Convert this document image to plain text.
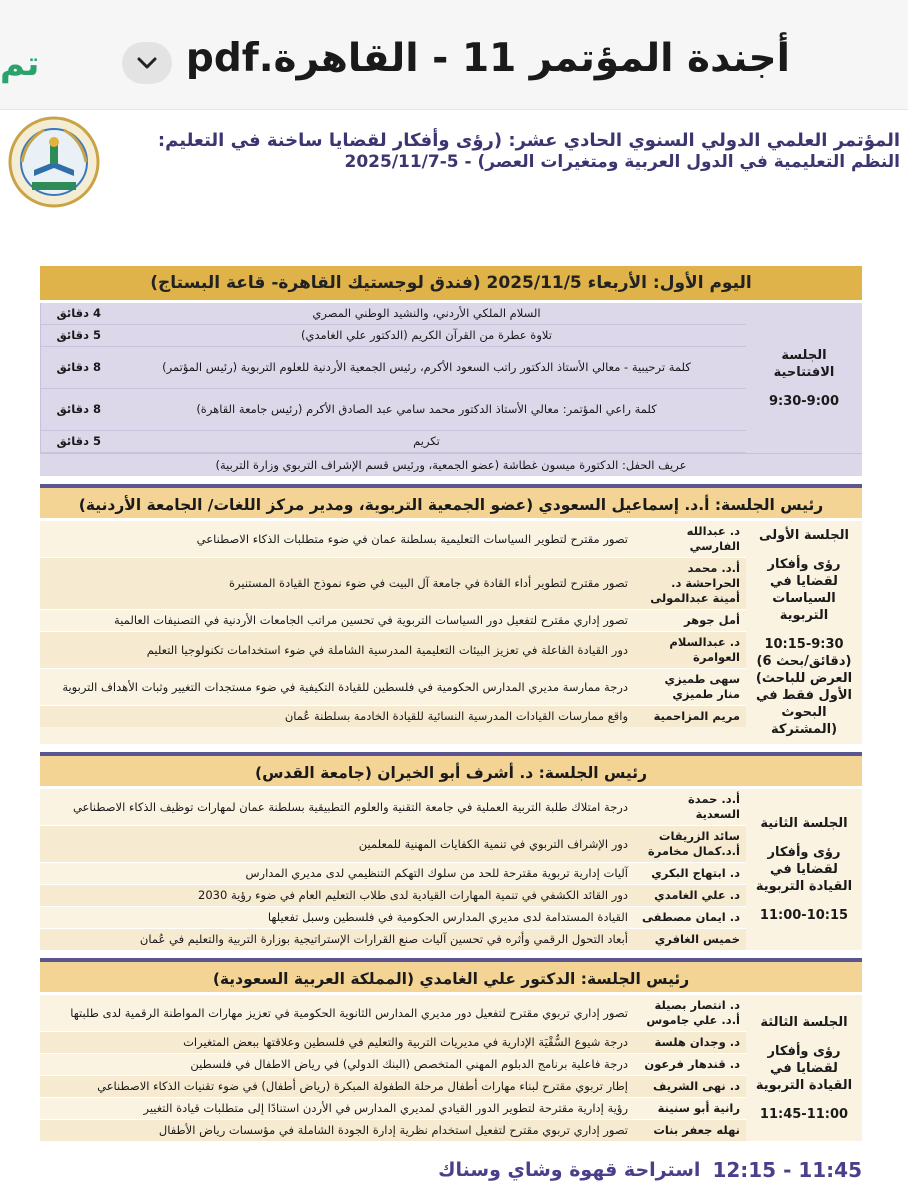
تم	أجندة المؤتمر 11 - القاهرة.pdf
المؤتمر العلمي الدولي السنوي الحادي عشر: (رؤى وأفكار لقضايا ساخنة في التعليم:
النظم التعليمية في الدول العربية ومتغيرات العصر) - 5-2025/11/7
اليوم الأول: الأربعاء 2025/11/5 (فندق لوجستيك القاهرة- قاعة البستاج)
الجلسة الافتتاحية
9:30-9:00
السلام الملكي الأردني، والنشيد الوطني المصري
4 دقائق
تلاوة عطرة من القرآن الكريم (الدكتور علي الغامدي)
5 دقائق
كلمة ترحيبية - معالي الأستاذ الدكتور راتب السعود الأكرم، رئيس الجمعية الأردنية للعلوم التربوية (رئيس المؤتمر)
8 دقائق
كلمة راعي المؤتمر: معالي الأستاذ الدكتور محمد سامي عبد الصادق الأكرم (رئيس جامعة القاهرة)
8 دقائق
تكريم
5 دقائق
عريف الحفل: الدكتورة ميسون غطاشة (عضو الجمعية، ورئيس قسم الإشراف التربوي وزارة التربية)
رئيس الجلسة: أ.د. إسماعيل السعودي (عضو الجمعية التربوية، ومدير مركز اللغات/ الجامعة الأردنية)
الجلسة الأولى
رؤى وأفكار لقضايا في السياسات التربوية
10:15-9:30
(6 دقائق/بحث) (العرض للباحث الأول فقط في البحوث المشتركة)
د. عبدالله الفارسي
تصور مقترح لتطوير السياسات التعليمية بسلطنة عمان في ضوء متطلبات الذكاء الاصطناعي
أ.د. محمد الحراحشة د. أمينة عبدالمولى
تصور مقترح لتطوير أداء القادة في جامعة آل البيت في ضوء نموذج القيادة المستنيرة
أمل جوهر
تصور إداري مقترح لتفعيل دور السياسات التربوية في تحسين مراتب الجامعات الأردنية في التصنيفات العالمية
د. عبدالسلام العوامرة
دور القيادة الفاعلة في تعزيز البيئات التعليمية المدرسية الشاملة في ضوء استخدامات تكنولوجيا التعليم
سهى طميزي منار طميزي
درجة ممارسة مديري المدارس الحكومية في فلسطين للقيادة التكيفية في ضوء مستجدات التغيير وثبات الأهداف التربوية
مريم المزاحمية
واقع ممارسات القيادات المدرسية النسائية للقيادة الخادمة بسلطنة عُمان
رئيس الجلسة: د. أشرف أبو الخيران (جامعة القدس)
الجلسة الثانية
رؤى وأفكار لقضايا في القيادة التربوية
11:00-10:15
أ.د. حمدة السعدية
درجة امتلاك طلبة التربية العملية في جامعة التقنية والعلوم التطبيقية بسلطنة عمان لمهارات توظيف الذكاء الاصطناعي
سائد الزريقات أ.د.كمال مخامرة
دور الإشراف التربوي في تنمية الكفايات المهنية للمعلمين
د. ابتهاج البكري
آليات إدارية تربوية مقترحة للحد من سلوك التهكم التنظيمي لدى مديري المدارس
د. علي الغامدي
دور القائد الكشفي في تنمية المهارات القيادية لدى طلاب التعليم العام في ضوء رؤية 2030
د. ايمان مصطفى
القيادة المستدامة لدى مديري المدارس الحكومية في فلسطين وسبل تفعيلها
خميس الغافري
أبعاد التحول الرقمي وأثره في تحسين آليات صنع القرارات الإستراتيجية بوزارة التربية والتعليم في عُمان
رئيس الجلسة: الدكتور علي الغامدي (المملكة العربية السعودية)
الجلسة الثالثة
رؤى وأفكار لقضايا في القيادة التربوية
11:45-11:00
د. انتصار بصيلة أ.د. علي جاموس
تصور إداري تربوي مقترح لتفعيل دور مديري المدارس الثانوية الحكومية في تعزيز مهارات المواطنة الرقمية لدى طلبتها
د. وجدان هلسة
درجة شيوع السُّقْيَة الإدارية في مديريات التربية والتعليم في فلسطين وعلاقتها ببعض المتغيرات
د. قندهار فرعون
درجة فاعلية برنامج الدبلوم المهني المتخصص (البنك الدولي) في رياض الاطفال في فلسطين
د. نهى الشريف
إطار تربوي مقترح لبناء مهارات أطفال مرحلة الطفولة المبكرة (رياض أطفال) في ضوء تقنيات الذكاء الاصطناعي
رانية أبو سنينة
رؤية إدارية مقترحة لتطوير الدور القيادي لمديري المدارس في الأردن استنادًا إلى متطلبات قيادة التغيير
نهله جعفر بنات
تصور إداري تربوي مقترح لتفعيل استخدام نظرية إدارة الجودة الشاملة في مؤسسات رياض الأطفال
12:15 - 11:45
استراحة قهوة وشاي وسناك
